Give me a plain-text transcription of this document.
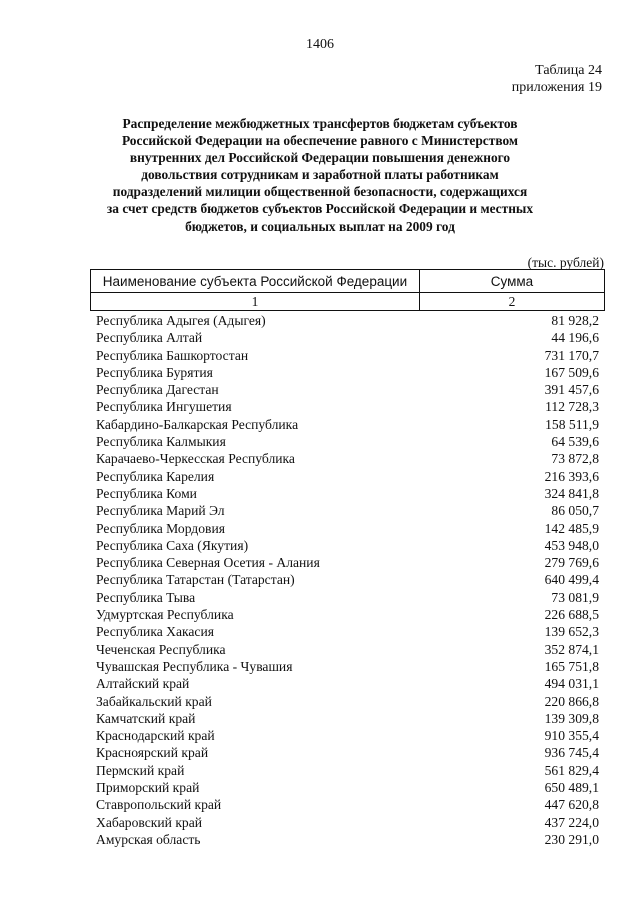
1406
Таблица 24
приложения 19
Распределение межбюджетных трансфертов бюджетам субъектов
Российской Федерации на обеспечение равного с Министерством
внутренних дел Российской Федерации повышения денежного
довольствия сотрудникам и заработной платы работникам
подразделений милиции общественной безопасности, содержащихся
за счет средств бюджетов субъектов Российской Федерации и местных
бюджетов, и социальных выплат на 2009 год
(тыс. рублей)
Наименование субъекта Российской Федерации	Сумма
1	2
Республика Адыгея (Адыгея)	81 928,2
Республика Алтай	44 196,6
Республика Башкортостан	731 170,7
Республика Бурятия	167 509,6
Республика Дагестан	391 457,6
Республика Ингушетия	112 728,3
Кабардино-Балкарская Республика	158 511,9
Республика Калмыкия	64 539,6
Карачаево-Черкесская Республика	73 872,8
Республика Карелия	216 393,6
Республика Коми	324 841,8
Республика Марий Эл	86 050,7
Республика Мордовия	142 485,9
Республика Саха (Якутия)	453 948,0
Республика Северная Осетия - Алания	279 769,6
Республика Татарстан (Татарстан)	640 499,4
Республика Тыва	73 081,9
Удмуртская Республика	226 688,5
Республика Хакасия	139 652,3
Чеченская Республика	352 874,1
Чувашская Республика - Чувашия	165 751,8
Алтайский край	494 031,1
Забайкальский край	220 866,8
Камчатский край	139 309,8
Краснодарский край	910 355,4
Красноярский край	936 745,4
Пермский край	561 829,4
Приморский край	650 489,1
Ставропольский край	447 620,8
Хабаровский край	437 224,0
Амурская область	230 291,0
